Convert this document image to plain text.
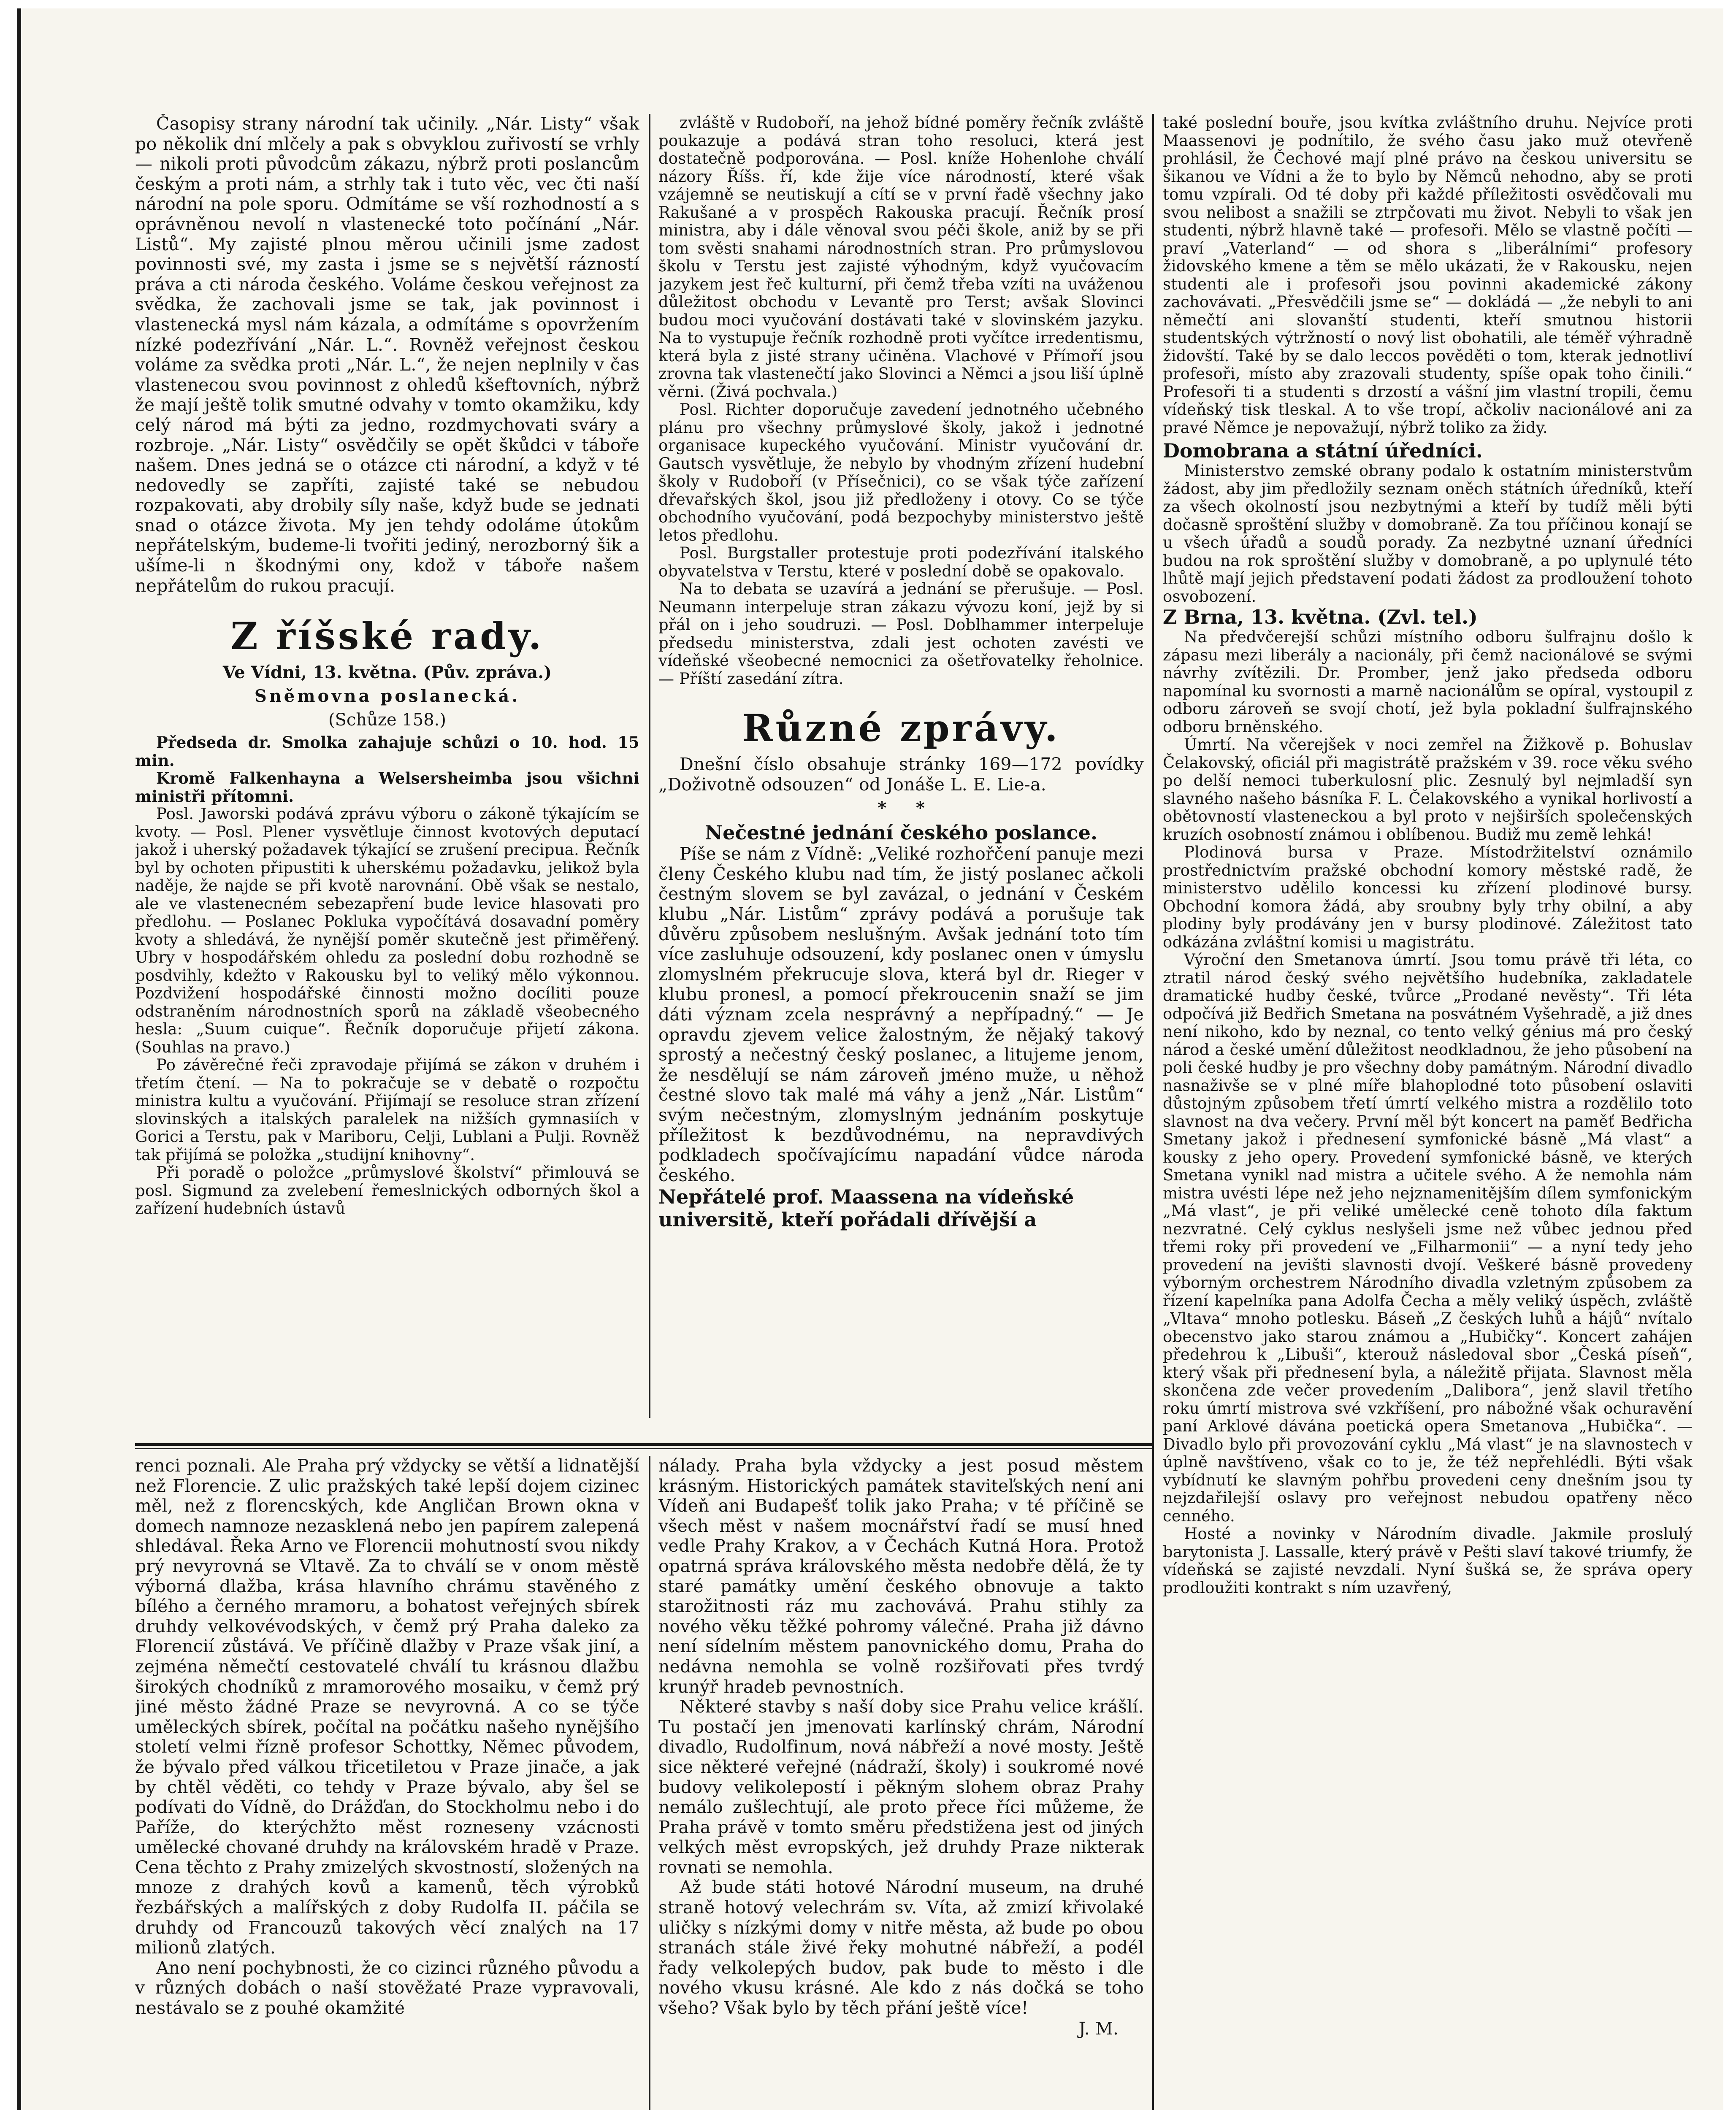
Časopisy strany národní tak učinily. „Nár. Listy“ však po několik dní mlčely a pak s obvyklou zuřivostí se vrhly — nikoli proti původcům zákazu, nýbrž proti poslancům českým a proti nám, a strhly tak i tuto věc, vec čti naší národní na pole sporu. Odmítáme se vší rozhodností a s oprávněnou nevolí n vlastenecké toto počínání „Nár. Listů“. My zajisté plnou měrou učinili jsme zadost povinnosti své, my zasta i jsme se s největší rázností práva a cti národa českého. Voláme českou veřejnost za svědka, že zachovali jsme se tak, jak povinnost i vlastenecká mysl nám kázala, a odmítáme s opovržením nízké podezřívání „Nár. L.“. Rovněž veřejnost českou voláme za svědka proti „Nár. L.“, že nejen neplnily v čas vlastenecou svou povinnost z ohledů kšeftovních, nýbrž že mají ještě tolik smutné odvahy v tomto okamžiku, kdy celý národ má býti za jedno, rozdmychovati sváry a rozbroje. „Nár. Listy“ osvědčily se opět škůdci v táboře našem. Dnes jedná se o otázce cti národní, a když v té nedovedly se zapříti, zajisté také se nebudou rozpakovati, aby drobily síly naše, když bude se jednati snad o otázce života. My jen tehdy odoláme útokům nepřátelským, budeme-li tvořiti jediný, nerozborný šik a ušíme-li n škodnými ony, kdož v táboře našem nepřátelům do rukou pracují.

Z říšské rady.
Ve Vídni, 13. května. (Pův. zpráva.)
Sněmovna poslanecká.
(Schůze 158.)

Předseda dr. Smolka zahajuje schůzi o 10. hod. 15 min.

Kromě Falkenhayna a Welsersheimba jsou všichni ministři přítomni.

Posl. Jaworski podává zprávu výboru o zákoně týkajícím se kvoty. — Posl. Plener vysvětluje činnost kvotových deputací jakož i uherský požadavek týkající se zrušení precipua. Řečník byl by ochoten připustiti k uherskému požadavku, jelikož byla naděje, že najde se při kvotě narovnání. Obě však se nestalo, ale ve vlastenecném sebezapření bude levice hlasovati pro předlohu. — Poslanec Pokluka vypočítává dosavadní poměry kvoty a shledává, že nynější poměr skutečně jest přiměřený. Ubry v hospodářském ohledu za poslední dobu rozhodně se posdvihly, kdežto v Rakousku byl to veliký mělo výkonnou. Pozdvižení hospodářské činnosti možno docíliti pouze odstraněním národnostních sporů na základě všeobecného hesla: „Suum cuique“. Řečník doporučuje přijetí zákona. (Souhlas na pravo.)

Po závěrečné řeči zpravodaje přijímá se zákon v druhém i třetím čtení. — Na to pokračuje se v debatě o rozpočtu ministra kultu a vyučování. Přijímají se resoluce stran zřízení slovinských a italských paralelek na nižších gymnasiích v Gorici a Terstu, pak v Mariboru, Celji, Lublani a Pulji. Rovněž tak přijímá se položka „studijní knihovny“.

Při poradě o položce „průmyslové školství“ přimlouvá se posl. Sigmund za zvelebení řemeslnických odborných škol a zařízení hudebních ústavů

zvláště v Rudoboří, na jehož bídné poměry řečník zvláště poukazuje a podává stran toho resoluci, která jest dostatečně podporována. — Posl. kníže Hohenlohe chválí názory Říšs. ří, kde žije více národností, které však vzájemně se neutiskují a cítí se v první řadě všechny jako Rakušané a v prospěch Rakouska pracují. Řečník prosí ministra, aby i dále věnoval svou péči škole, aniž by se při tom svěsti snahami národnostních stran. Pro průmyslovou školu v Terstu jest zajisté výhodným, když vyučovacím jazykem jest řeč kulturní, při čemž třeba vzíti na uváženou důležitost obchodu v Levantě pro Terst; avšak Slovinci budou moci vyučování dostávati také v slovinském jazyku. Na to vystupuje řečník rozhodně proti vyčítce irredentismu, která byla z jisté strany učiněna. Vlachové v Přímoří jsou zrovna tak vlastenečtí jako Slovinci a Němci a jsou liší úplně věrni. (Živá pochvala.)

Posl. Richter doporučuje zavedení jednotného učebného plánu pro všechny průmyslové školy, jakož i jednotné organisace kupeckého vyučování. Ministr vyučování dr. Gautsch vysvětluje, že nebylo by vhodným zřízení hudební školy v Rudoboří (v Přísečnici), co se však týče zařízení dřevařských škol, jsou již předloženy i otovy. Co se týče obchodního vyučování, podá bezpochyby ministerstvo ještě letos předlohu.

Posl. Burgstaller protestuje proti podezřívání italského obyvatelstva v Terstu, které v poslední době se opakovalo.

Na to debata se uzavírá a jednání se přerušuje. — Posl. Neumann interpeluje stran zákazu vývozu koní, jejž by si přál on i jeho soudruzi. — Posl. Doblhammer interpeluje předsedu ministerstva, zdali jest ochoten zavésti ve vídeňské všeobecné nemocnici za ošetřovatelky řeholnice. — Příští zasedání zítra.

Různé zprávy.

Dnešní číslo obsahuje stránky 169—172 povídky „Doživotně odsouzen“ od Jonáše L. E. Lie-a.

*     *
Nečestné jednání českého poslance.

Píše se nám z Vídně: „Veliké rozhořčení panuje mezi členy Českého klubu nad tím, že jistý poslanec ačkoli čestným slovem se byl zavázal, o jednání v Českém klubu „Nár. Listům“ zprávy podává a porušuje tak důvěru způsobem neslušným. Avšak jednání toto tím více zasluhuje odsouzení, kdy poslanec onen v úmyslu zlomyslném překrucuje slova, která byl dr. Rieger v klubu pronesl, a pomocí překroucenin snaží se jim dáti význam zcela nesprávný a nepřípadný.“ — Je opravdu zjevem velice žalostným, že nějaký takový sprostý a nečestný český poslanec, a litujeme jenom, že nesdělují se nám zároveň jméno muže, u něhož čestné slovo tak malé má váhy a jenž „Nár. Listům“ svým nečestným, zlomyslným jednáním poskytuje příležitost k bezdůvodnému, na nepravdivých podkladech spočívajícímu napadání vůdce národa českého.

Nepřátelé prof. Maassena na vídeňské universitě, kteří pořádali dřívější a

také poslední bouře, jsou kvítka zvláštního druhu. Nejvíce proti Maassenovi je podnítilo, že svého času jako muž otevřeně prohlásil, že Čechové mají plné právo na českou universitu se šikanou ve Vídni a že to bylo by Němců nehodno, aby se proti tomu vzpírali. Od té doby při každé příležitosti osvědčovali mu svou nelibost a snažili se ztrpčovati mu život. Nebyli to však jen studenti, nýbrž hlavně také — profesoři. Mělo se vlastně počíti — praví „Vaterland“ — od shora s „liberálními“ profesory židovského kmene a těm se mělo ukázati, že v Rakousku, nejen studenti ale i profesoři jsou povinni akademické zákony zachovávati. „Přesvědčili jsme se“ — dokládá — „že nebyli to ani němečtí ani slovanští studenti, kteří smutnou historii studentských výtržností o nový list obohatili, ale téměř výhradně židovští. Také by se dalo leccos pověděti o tom, kterak jednotliví profesoři, místo aby zrazovali studenty, spíše opak toho činili.“ Profesoři ti a studenti s drzostí a vášní jim vlastní tropili, čemu vídeňský tisk tleskal. A to vše tropí, ačkoliv nacionálové ani za pravé Němce je nepovažují, nýbrž toliko za židy.

Domobrana a státní úředníci.

Ministerstvo zemské obrany podalo k ostatním ministerstvům žádost, aby jim předložily seznam oněch státních úředníků, kteří za všech okolností jsou nezbytnými a kteří by tudíž měli býti dočasně sproštění služby v domobraně. Za tou příčinou konají se u všech úřadů a soudů porady. Za nezbytné uznaní úředníci budou na rok sproštění služby v domobraně, a po uplynulé této lhůtě mají jejich představení podati žádost za prodloužení tohoto osvobození.

Z Brna, 13. května. (Zvl. tel.)

Na předvčerejší schůzi místního odboru šulfrajnu došlo k zápasu mezi liberály a nacionály, při čemž nacionálové se svými návrhy zvítězili. Dr. Promber, jenž jako předseda odboru napomínal ku svornosti a marně nacionálům se opíral, vystoupil z odboru zároveň se svojí chotí, jež byla pokladní šulfrajnského odboru brněnského.

Úmrtí. Na včerejšek v noci zemřel na Žižkově p. Bohuslav Čelakovský, oficiál při magistrátě pražském v 39. roce věku svého po delší nemoci tuberkulosní plic. Zesnulý byl nejmladší syn slavného našeho básníka F. L. Čelakovského a vynikal horlivostí a obětovností vlasteneckou a byl proto v nejširších společenských kruzích osobností známou i oblíbenou. Budiž mu země lehká!

Plodinová bursa v Praze. Místodržitelství oznámilo prostřednictvím pražské obchodní komory městské radě, že ministerstvo udělilo koncessi ku zřízení plodinové bursy. Obchodní komora žádá, aby sroubny byly trhy obilní, a aby plodiny byly prodávány jen v bursy plodinové. Záležitost tato odkázána zvláštní komisi u magistrátu.

Výroční den Smetanova úmrtí. Jsou tomu právě tři léta, co ztratil národ český svého největšího hudebníka, zakladatele dramatické hudby české, tvůrce „Prodané nevěsty“. Tři léta odpočívá již Bedřich Smetana na posvátném Vyšehradě, a již dnes není nikoho, kdo by neznal, co tento velký génius má pro český národ a české umění důležitost neodkladnou, že jeho působení na poli české hudby je pro všechny doby památným. Národní divadlo nasnaživše se v plné míře blahoplodné toto působení oslaviti důstojným způsobem třetí úmrtí velkého mistra a rozdělilo toto slavnost na dva večery. První měl být koncert na paměť Bedřicha Smetany jakož i přednesení symfonické básně „Má vlast“ a kousky z jeho opery. Provedení symfonické básně, ve kterých Smetana vynikl nad mistra a učitele svého. A že nemohla nám mistra uvésti lépe než jeho nejznamenitějším dílem symfonickým „Má vlast“, je při veliké umělecké ceně tohoto díla faktum nezvratné. Celý cyklus neslyšeli jsme než vůbec jednou před třemi roky při provedení ve „Filharmonii“ — a nyní tedy jeho provedení na jevišti slavnosti dvojí. Veškeré básně provedeny výborným orchestrem Národního divadla vzletným způsobem za řízení kapelníka pana Adolfa Čecha a měly veliký úspěch, zvláště „Vltava“ mnoho potlesku. Báseň „Z českých luhů a hájů“ nvítalo obecenstvo jako starou známou a „Hubičky“. Koncert zahájen předehrou k „Libuši“, kterouž následoval sbor „Česká píseň“, který však při přednesení byla, a náležitě přijata. Slavnost měla skončena zde večer provedením „Dalibora“, jenž slavil třetího roku úmrtí mistrova své vzkříšení, pro nábožné však ochuravění paní Arklové dávána poetická opera Smetanova „Hubička“. — Divadlo bylo při provozování cyklu „Má vlast“ je na slavnostech v úplně navštíveno, však co to je, že též nepřehlédli. Býti však vybídnutí ke slavným pohřbu provedeni ceny dnešním jsou ty nejzdařilejší oslavy pro veřejnost nebudou opatřeny něco cenného.

Hosté a novinky v Národním divadle. Jakmile proslulý barytonista J. Lassalle, který právě v Pešti slaví takové triumfy, že vídeňská se zajisté nevzdali. Nyní šušká se, že správa opery prodloužiti kontrakt s ním uzavřený,

renci poznali. Ale Praha prý vždycky se větší a lidnatější než Florencie. Z ulic pražských také lepší dojem cizinec měl, než z florencských, kde Angličan Brown okna v domech namnoze nezasklená nebo jen papírem zalepená shledával. Řeka Arno ve Florencii mohutností svou nikdy prý nevyrovná se Vltavě. Za to chválí se v onom městě výborná dlažba, krása hlavního chrámu stavěného z bílého a černého mramoru, a bohatost veřejných sbírek druhdy velkovévodských, v čemž prý Praha daleko za Florencií zůstává. Ve příčině dlažby v Praze však jiní, a zejména němečtí cestovatelé chválí tu krásnou dlažbu širokých chodníků z mramorového mosaiku, v čemž prý jiné město žádné Praze se nevyrovná. A co se týče uměleckých sbírek, počítal na počátku našeho nynějšího století velmi řízně profesor Schottky, Němec původem, že bývalo před válkou třicetiletou v Praze jinače, a jak by chtěl věděti, co tehdy v Praze bývalo, aby šel se podívati do Vídně, do Drážďan, do Stockholmu nebo i do Paříže, do kterýchžto měst rozneseny vzácnosti umělecké chované druhdy na královském hradě v Praze. Cena těchto z Prahy zmizelých skvostností, složených na mnoze z drahých kovů a kamenů, těch výrobků řezbářských a malířských z doby Rudolfa II. páčila se druhdy od Francouzů takových věcí znalých na 17 milionů zlatých.

Ano není pochybnosti, že co cizinci různého původu a v různých dobách o naší stověžaté Praze vypravovali, nestávalo se z pouhé okamžité

nálady. Praha byla vždycky a jest posud městem krásným. Historických památek staviteľských není ani Vídeň ani Budapešť tolik jako Praha; v té příčině se všech měst v našem mocnářství řadí se musí hned vedle Prahy Krakov, a v Čechách Kutná Hora. Protož opatrná správa královského města nedobře dělá, že ty staré památky umění českého obnovuje a takto starožitnosti ráz mu zachovává. Prahu stihly za nového věku těžké pohromy válečné. Praha již dávno není sídelním městem panovnického domu, Praha do nedávna nemohla se volně rozšiřovati přes tvrdý krunýř hradeb pevnostních.

Některé stavby s naší doby sice Prahu velice krášlí. Tu postačí jen jmenovati karlínský chrám, Národní divadlo, Rudolfinum, nová nábřeží a nové mosty. Ještě sice některé veřejné (nádraží, školy) i soukromé nové budovy velikolepostí i pěkným slohem obraz Prahy nemálo zušlechtují, ale proto přece říci můžeme, že Praha právě v tomto směru předstižena jest od jiných velkých měst evropských, jež druhdy Praze nikterak rovnati se nemohla.

Až bude státi hotové Národní museum, na druhé straně hotový velechrám sv. Víta, až zmizí křivolaké uličky s nízkými domy v nitře města, až bude po obou stranách stále živé řeky mohutné nábřeží, a podél řady velkolepých budov, pak bude to město i dle nového vkusu krásné. Ale kdo z nás dočká se toho všeho? Však bylo by těch přání ještě více!

J. M.
